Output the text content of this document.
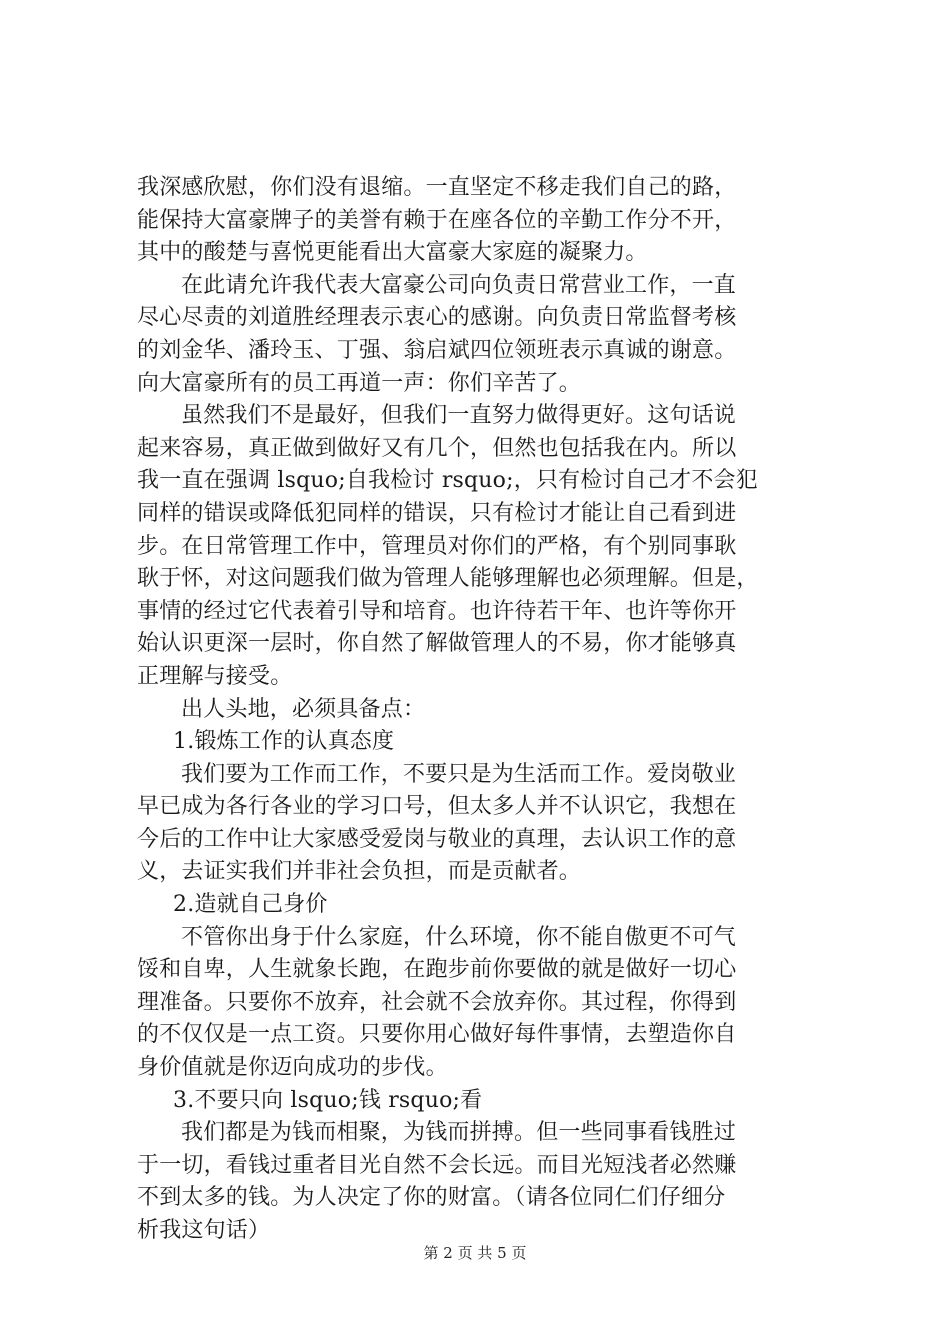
我深感欣慰，你们没有退缩。一直坚定不移走我们自己的路，
能保持大富豪牌子的美誉有赖于在座各位的辛勤工作分不开，
其中的酸楚与喜悦更能看出大富豪大家庭的凝聚力。
在此请允许我代表大富豪公司向负责日常营业工作，一直
尽心尽责的刘道胜经理表示衷心的感谢。向负责日常监督考核
的刘金华、潘玲玉、丁强、翁启斌四位领班表示真诚的谢意。
向大富豪所有的员工再道一声：你们辛苦了。
虽然我们不是最好，但我们一直努力做得更好。这句话说
起来容易，真正做到做好又有几个，但然也包括我在内。所以
我一直在强调 lsquo;自我检讨 rsquo;，只有检讨自己才不会犯
同样的错误或降低犯同样的错误，只有检讨才能让自己看到进
步。在日常管理工作中，管理员对你们的严格，有个别同事耿
耿于怀，对这问题我们做为管理人能够理解也必须理解。但是，
事情的经过它代表着引导和培育。也许待若干年、也许等你开
始认识更深一层时，你自然了解做管理人的不易，你才能够真
正理解与接受。
出人头地，必须具备点：
1.锻炼工作的认真态度
我们要为工作而工作，不要只是为生活而工作。爱岗敬业
早已成为各行各业的学习口号，但太多人并不认识它，我想在
今后的工作中让大家感受爱岗与敬业的真理，去认识工作的意
义，去证实我们并非社会负担，而是贡献者。
2.造就自己身价
不管你出身于什么家庭，什么环境，你不能自傲更不可气
馁和自卑，人生就象长跑，在跑步前你要做的就是做好一切心
理准备。只要你不放弃，社会就不会放弃你。其过程，你得到
的不仅仅是一点工资。只要你用心做好每件事情，去塑造你自
身价值就是你迈向成功的步伐。
3.不要只向 lsquo;钱 rsquo;看
我们都是为钱而相聚，为钱而拼搏。但一些同事看钱胜过
于一切，看钱过重者目光自然不会长远。而目光短浅者必然赚
不到太多的钱。为人决定了你的财富。（请各位同仁们仔细分
析我这句话）
第 2 页 共 5 页
